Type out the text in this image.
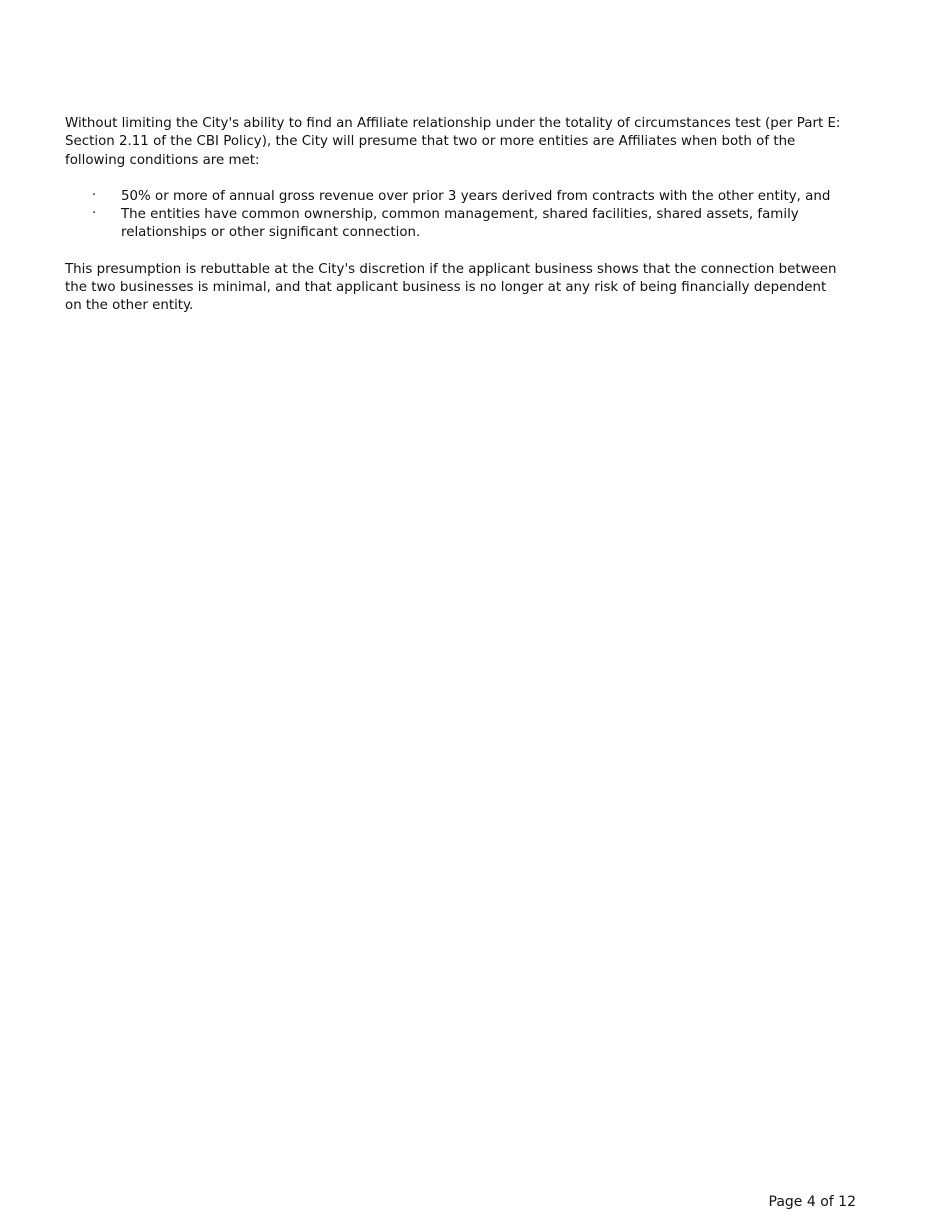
Without limiting the City's ability to find an Affiliate relationship under the totality of circumstances test (per Part E: Section 2.11 of the CBI Policy), the City will presume that two or more entities are Affiliates when both of the following conditions are met:

· 50% or more of annual gross revenue over prior 3 years derived from contracts with the other entity, and
· The entities have common ownership, common management, shared facilities, shared assets, family relationships or other significant connection.

This presumption is rebuttable at the City's discretion if the applicant business shows that the connection between the two businesses is minimal, and that applicant business is no longer at any risk of being financially dependent on the other entity.

Page 4 of 12
